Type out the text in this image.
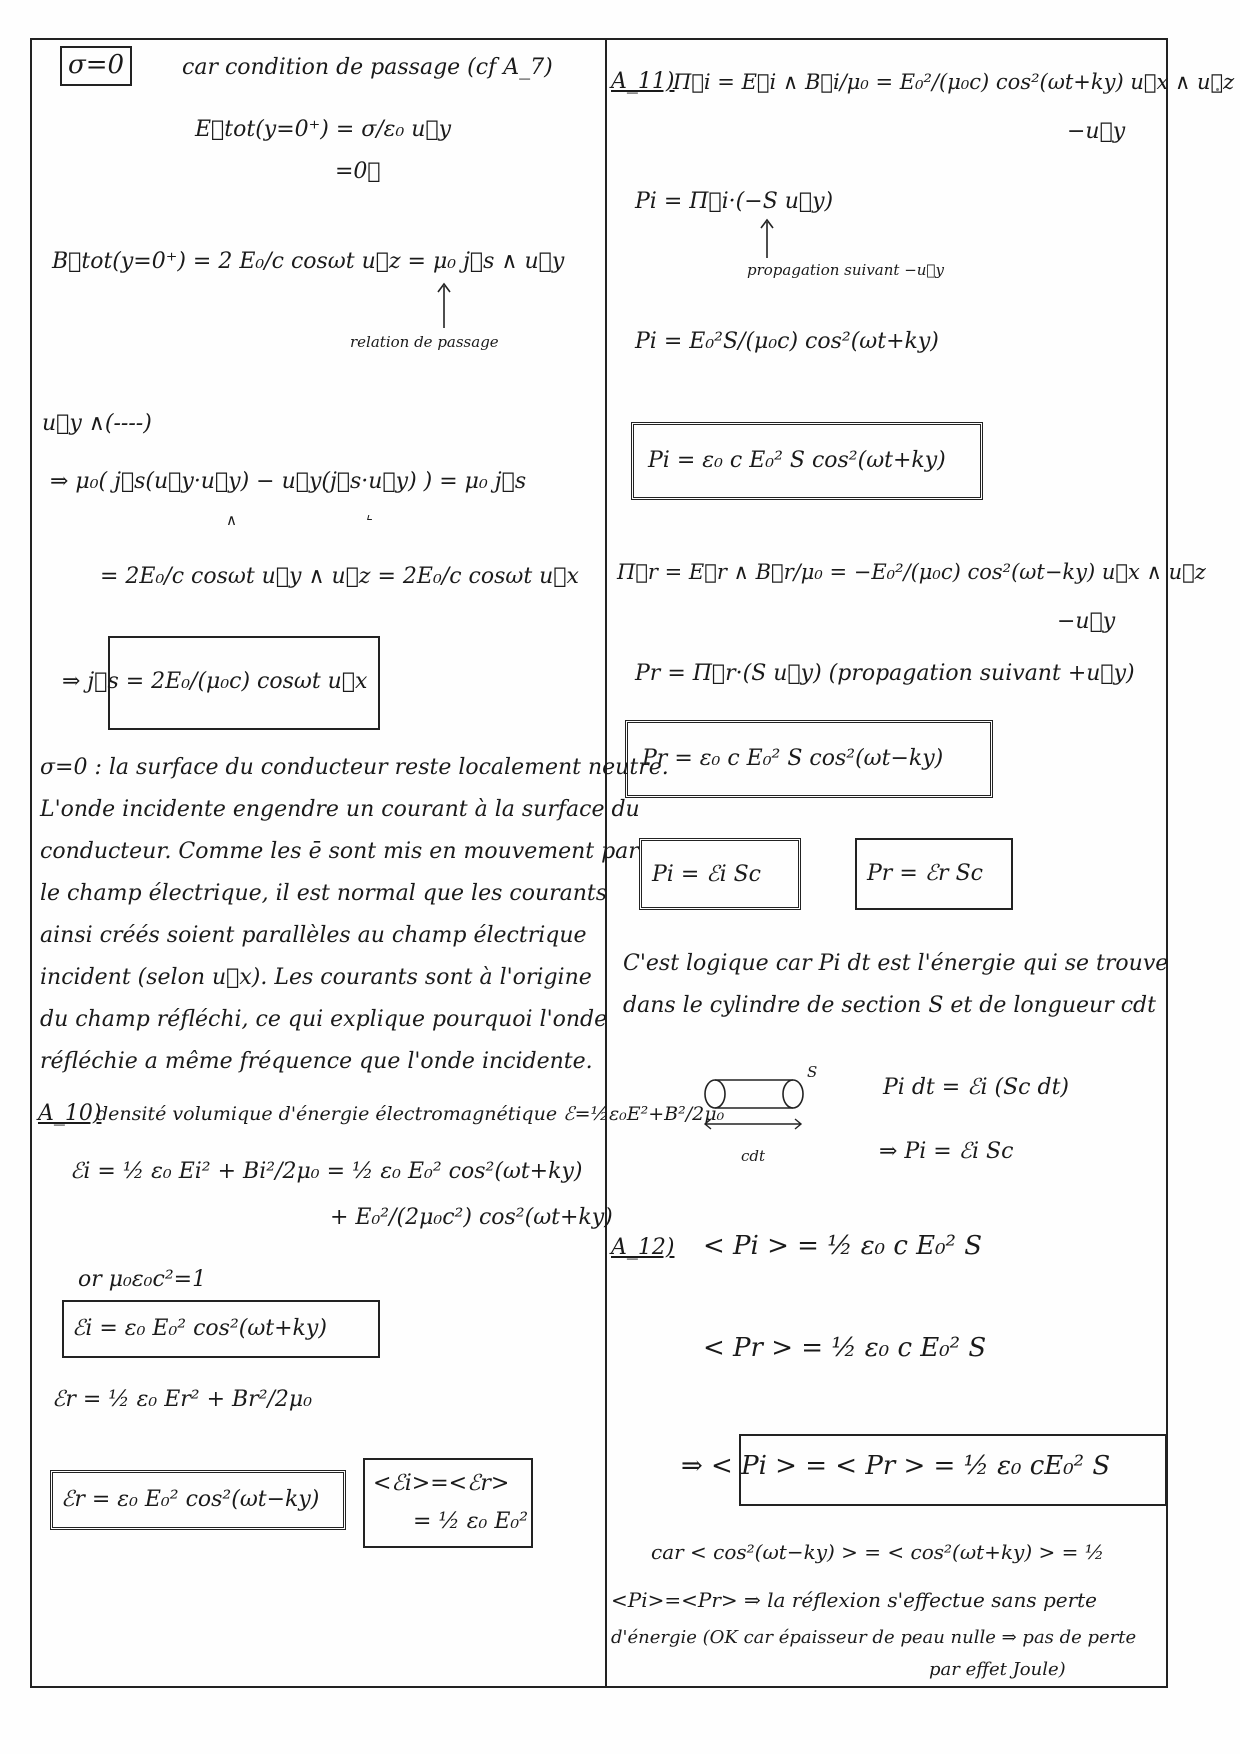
σ=0	car condition de passage (cf A_7)
E⃗tot(y=0⁺) = σ/ε₀ u⃗y
=0⃗
B⃗tot(y=0⁺) = 2 E₀/c cosωt u⃗z = μ₀ j⃗s ∧ u⃗y
relation de passage
u⃗y ∧(----)
⇒ μ₀( j⃗s(u⃗y·u⃗y) − u⃗y(j⃗s·u⃗y) ) = μ₀ j⃗s
∧	⌞
= 2E₀/c cosωt u⃗y ∧ u⃗z = 2E₀/c cosωt u⃗x
⇒ j⃗s = 2E₀/(μ₀c) cosωt u⃗x
σ=0 : la surface du conducteur reste localement neutre.
L'onde incidente engendre un courant à la surface du
conducteur. Comme les ē sont mis en mouvement par
le champ électrique, il est normal que les courants
ainsi créés soient parallèles au champ électrique
incident (selon u⃗x). Les courants sont à l'origine
du champ réfléchi, ce qui explique pourquoi l'onde
réfléchie a même fréquence que l'onde incidente.
A_10)
densité volumique d'énergie électromagnétique ℰ=½ε₀E²+B²/2μ₀
ℰi = ½ ε₀ Ei² + Bi²/2μ₀ = ½ ε₀ E₀² cos²(ωt+ky)
+ E₀²/(2μ₀c²) cos²(ωt+ky)
or μ₀ε₀c²=1
ℰi = ε₀ E₀² cos²(ωt+ky)
ℰr = ½ ε₀ Er² + Br²/2μ₀
ℰr = ε₀ E₀² cos²(ωt−ky)
<ℰi>=<ℰr>
= ½ ε₀ E₀²
A_11)
Π⃗i = E⃗i ∧ B⃗i/μ₀ = E₀²/(μ₀c) cos²(ωt+ky) u⃗x ∧ u⃗z
−u⃗y
Pi = Π⃗i·(−S u⃗y)
propagation suivant −u⃗y
Pi = E₀²S/(μ₀c) cos²(ωt+ky)
Pi = ε₀ c E₀² S cos²(ωt+ky)
Π⃗r = E⃗r ∧ B⃗r/μ₀ = −E₀²/(μ₀c) cos²(ωt−ky) u⃗x ∧ u⃗z
−u⃗y
Pr = Π⃗r·(S u⃗y) (propagation suivant +u⃗y)
Pr = ε₀ c E₀² S cos²(ωt−ky)
Pi = ℰi Sc	Pr = ℰr Sc
C'est logique car Pi dt est l'énergie qui se trouve
dans le cylindre de section S et de longueur cdt
S
cdt
Pi dt = ℰi (Sc dt)
⇒ Pi = ℰi Sc
A_12) < Pi > = ½ ε₀ c E₀² S
< Pr > = ½ ε₀ c E₀² S
⇒ < Pi > = < Pr > = ½ ε₀ cE₀² S
car < cos²(ωt−ky) > = < cos²(ωt+ky) > = ½
<Pi>=<Pr> ⇒ la réflexion s'effectue sans perte
d'énergie (OK car épaisseur de peau nulle ⇒ pas de perte
par effet Joule)
